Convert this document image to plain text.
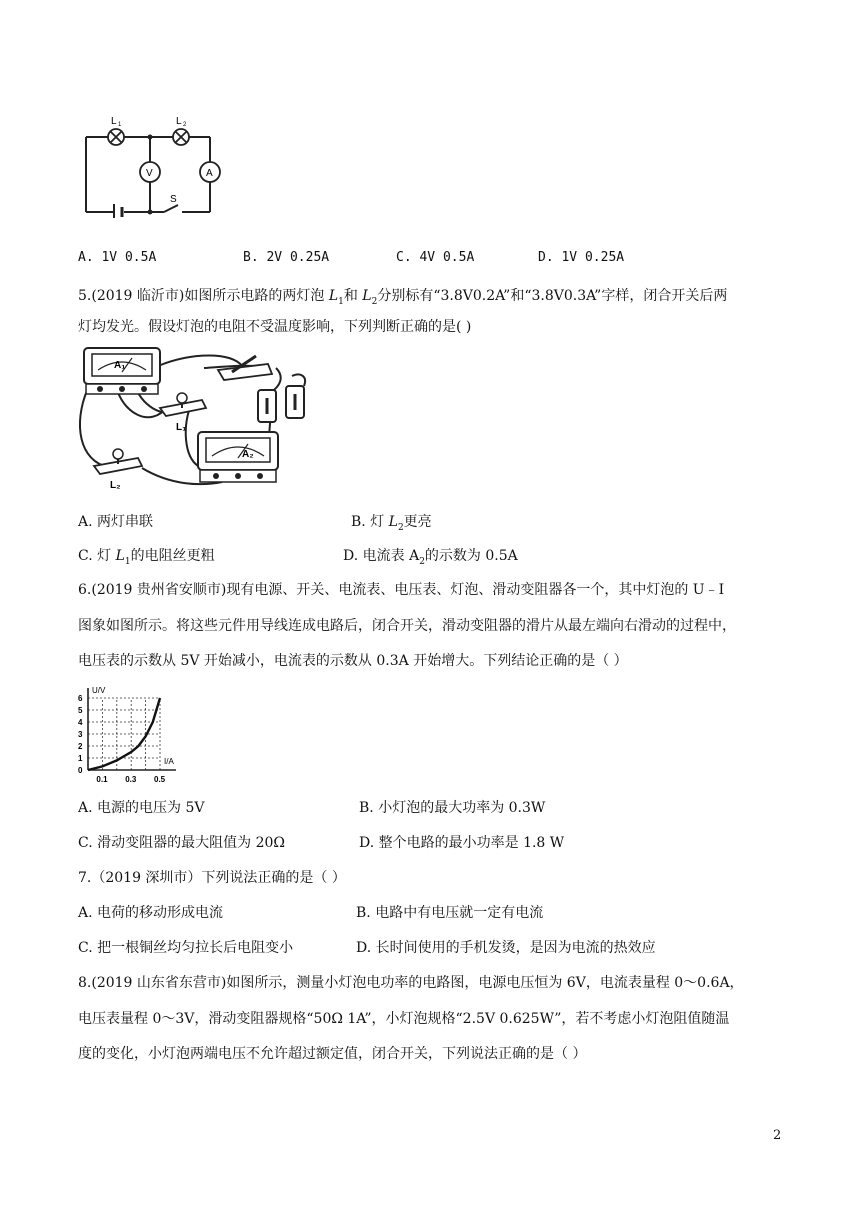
L 1	L 2
V	A
S
A. 1V 0.5A	B. 2V 0.25A	C. 4V 0.5A	D. 1V 0.25A
5.(2019 临沂市)如图所示电路的两灯泡 $L_1$和 $L_2$分别标有“3.8V0.2A”和“3.8V0.3A”字样，闭合开关后两
灯均发光。假设灯泡的电阻不受温度影响，下列判断正确的是( )
A₁
L₁
L₂
A₂
A. 两灯串联	B. 灯 $L_2$更亮
C. 灯 $L_1$的电阻丝更粗	D. 电流表 $A_2$的示数为 0.5A
6.(2019 贵州省安顺市)现有电源、开关、电流表、电压表、灯泡、滑动变阻器各一个，其中灯泡的 U﹣I
图象如图所示。将这些元件用导线连成电路后，闭合开关，滑动变阻器的滑片从最左端向右滑动的过程中，
电压表的示数从 5V 开始减小，电流表的示数从 0.3A 开始增大。下列结论正确的是（ ）
0
1
2
3
4
5
6
0.1 0.3 0.5
U/V
I/A
A. 电源的电压为 5V	B. 小灯泡的最大功率为 0.3W
C. 滑动变阻器的最大阻值为 20Ω	D. 整个电路的最小功率是 1.8 W
7.（2019 深圳市）下列说法正确的是（ ）
A. 电荷的移动形成电流	B. 电路中有电压就一定有电流
C. 把一根铜丝均匀拉长后电阻变小	D. 长时间使用的手机发烫，是因为电流的热效应
8.(2019 山东省东营市)如图所示，测量小灯泡电功率的电路图，电源电压恒为 6V，电流表量程 0～0.6A，
电压表量程 0～3V，滑动变阻器规格“50Ω 1A”，小灯泡规格“2.5V 0.625W”，若不考虑小灯泡阻值随温
度的变化，小灯泡两端电压不允许超过额定值，闭合开关，下列说法正确的是（ ）
2
